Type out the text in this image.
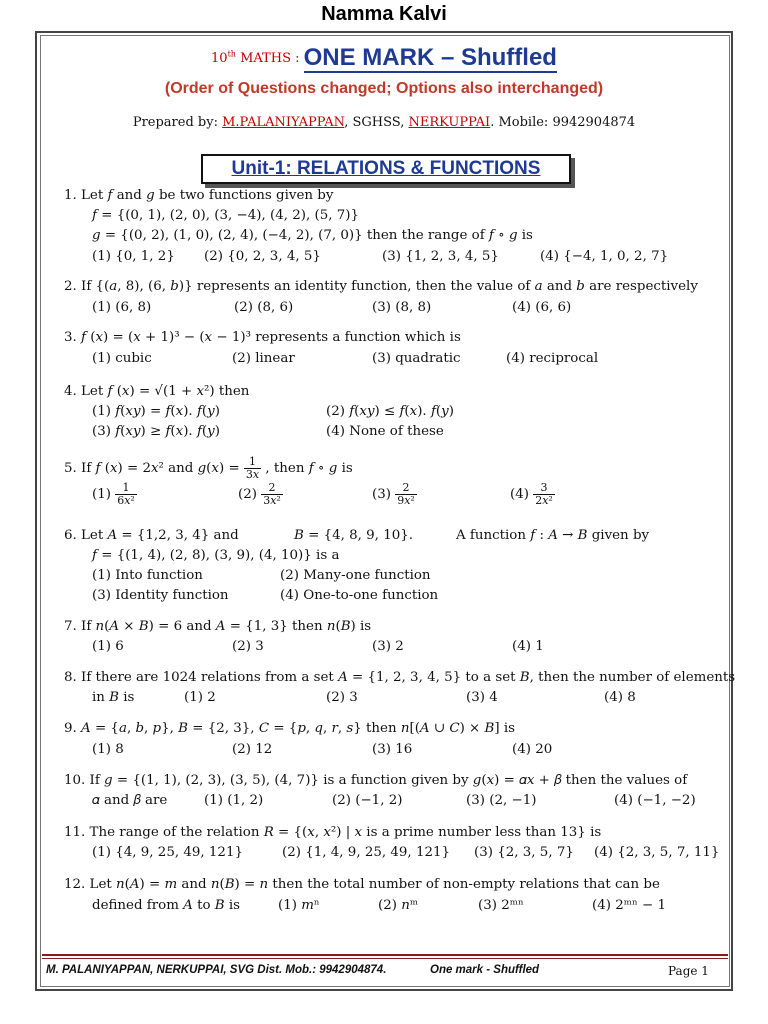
Namma Kalvi
10th MATHS : ONE MARK – Shuffled
(Order of Questions changed; Options also interchanged)
Prepared by: M.PALANIYAPPAN, SGHSS, NERKUPPAI. Mobile: 9942904874
Unit-1: RELATIONS & FUNCTIONS
1. Let 𝑓 and 𝑔 be two functions given by
𝑓 = {(0, 1), (2, 0), (3, −4), (4, 2), (5, 7)}
𝑔 = {(0, 2), (1, 0), (2, 4), (−4, 2), (7, 0)} then the range of 𝑓 ∘ 𝑔 is
(1) {0, 1, 2} (2) {0, 2, 3, 4, 5}	(3) {1, 2, 3, 4, 5}	(4) {−4, 1, 0, 2, 7}
2. If {(𝑎, 8), (6, 𝑏)} represents an identity function, then the value of 𝑎 and 𝑏 are respectively
(1) (6, 8)	(2) (8, 6)	(3) (8, 8)	(4) (6, 6)
3. 𝑓 (𝑥) = (𝑥 + 1)³ − (𝑥 − 1)³ represents a function which is
(1) cubic	(2) linear	(3) quadratic	(4) reciprocal
4. Let 𝑓 (𝑥) = √(1 + 𝑥²) then
(1) 𝑓(𝑥𝑦) = 𝑓(𝑥). 𝑓(𝑦)	(2) 𝑓(𝑥𝑦) ≤ 𝑓(𝑥). 𝑓(𝑦)
(3) 𝑓(𝑥𝑦) ≥ 𝑓(𝑥). 𝑓(𝑦)	(4) None of these
5. If 𝑓 (𝑥) = 2𝑥² and 𝑔(𝑥) = $\frac{1}{\text{3𝑥}}$ , then 𝑓 ∘ 𝑔 is
$(1) \frac{1}{\text{6𝑥²}}$	$(2) \frac{2}{\text{3𝑥²}}$	$(3) \frac{2}{\text{9𝑥²}}$	$(4) \frac{3}{\text{2𝑥²}}$
6. Let 𝐴 = {1,2, 3, 4} and	𝐵 = {4, 8, 9, 10}.	A function 𝑓 : 𝐴 → 𝐵 given by
𝑓 = {(1, 4), (2, 8), (3, 9), (4, 10)} is a
(1) Into function	(2) Many-one function
(3) Identity function	(4) One-to-one function
7. If 𝑛(𝐴 × 𝐵) = 6 and 𝐴 = {1, 3} then 𝑛(𝐵) is
(1) 6	(2) 3	(3) 2	(4) 1
8. If there are 1024 relations from a set 𝐴 = {1, 2, 3, 4, 5} to a set 𝐵, then the number of elements
in 𝐵 is	(1) 2	(2) 3	(3) 4	(4) 8
9. 𝐴 = {𝑎, 𝑏, 𝑝}, 𝐵 = {2, 3}, 𝐶 = {𝑝, 𝑞, 𝑟, 𝑠} then 𝑛[(𝐴 ∪ 𝐶) × 𝐵] is
(1) 8	(2) 12	(3) 16	(4) 20
10. If 𝑔 = {(1, 1), (2, 3), (3, 5), (4, 7)} is a function given by 𝑔(𝑥) = 𝛼𝑥 + 𝛽 then the values of
𝛼 and 𝛽 are	(1) (1, 2)	(2) (−1, 2)	(3) (2, −1)	(4) (−1, −2)
11. The range of the relation 𝑅 = {(𝑥, 𝑥²) | 𝑥 is a prime number less than 13} is
(1) {4, 9, 25, 49, 121}	(2) {1, 4, 9, 25, 49, 121} (3) {2, 3, 5, 7} (4) {2, 3, 5, 7, 11}
12. Let 𝑛(𝐴) = 𝑚 and 𝑛(𝐵) = 𝑛 then the total number of non-empty relations that can be
defined from 𝐴 to 𝐵 is	(1) 𝑚ⁿ	(2) 𝑛ᵐ	(3) 2ᵐⁿ	(4) 2ᵐⁿ − 1
M. PALANIYAPPAN, NERKUPPAI, SVG Dist. Mob.: 9942904874.	One mark - Shuffled	Page 1
